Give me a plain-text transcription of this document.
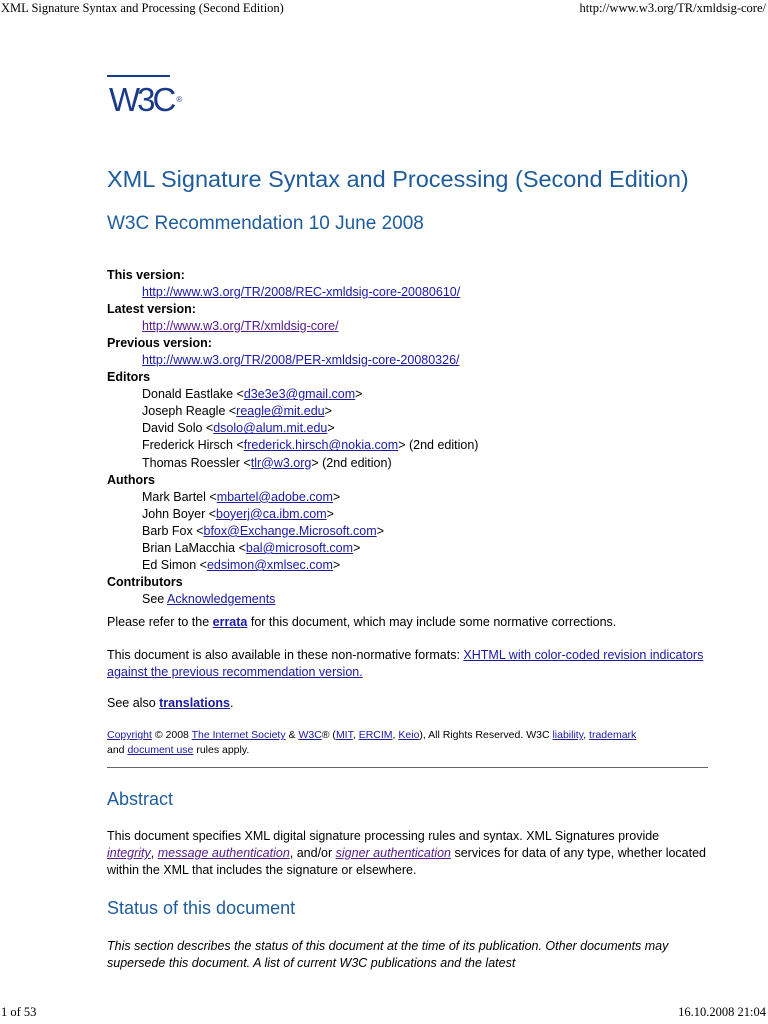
XML Signature Syntax and Processing (Second Edition)	http://www.w3.org/TR/xmldsig-core/
W3C ®
XML Signature Syntax and Processing (Second Edition)
W3C Recommendation 10 June 2008
This version:
http://www.w3.org/TR/2008/REC-xmldsig-core-20080610/
Latest version:
http://www.w3.org/TR/xmldsig-core/
Previous version:
http://www.w3.org/TR/2008/PER-xmldsig-core-20080326/
Editors
Donald Eastlake <d3e3e3@gmail.com>
Joseph Reagle <reagle@mit.edu>
David Solo <dsolo@alum.mit.edu>
Frederick Hirsch <frederick.hirsch@nokia.com> (2nd edition)
Thomas Roessler <tlr@w3.org> (2nd edition)
Authors
Mark Bartel <mbartel@adobe.com>
John Boyer <boyerj@ca.ibm.com>
Barb Fox <bfox@Exchange.Microsoft.com>
Brian LaMacchia <bal@microsoft.com>
Ed Simon <edsimon@xmlsec.com>
Contributors
See Acknowledgements

Please refer to the errata for this document, which may include some normative corrections.

This document is also available in these non-normative formats: XHTML with color-coded revision indicators against the previous recommendation version.

See also translations.

Copyright © 2008 The Internet Society & W3C® (MIT, ERCIM, Keio), All Rights Reserved. W3C liability, trademark
and document use rules apply.

Abstract

This document specifies XML digital signature processing rules and syntax. XML Signatures provide integrity, message authentication, and/or signer authentication services for data of any type, whether located within the XML that includes the signature or elsewhere.

Status of this document

This section describes the status of this document at the time of its publication. Other documents may supersede this document. A list of current W3C publications and the latest

1 of 53	16.10.2008 21:04
